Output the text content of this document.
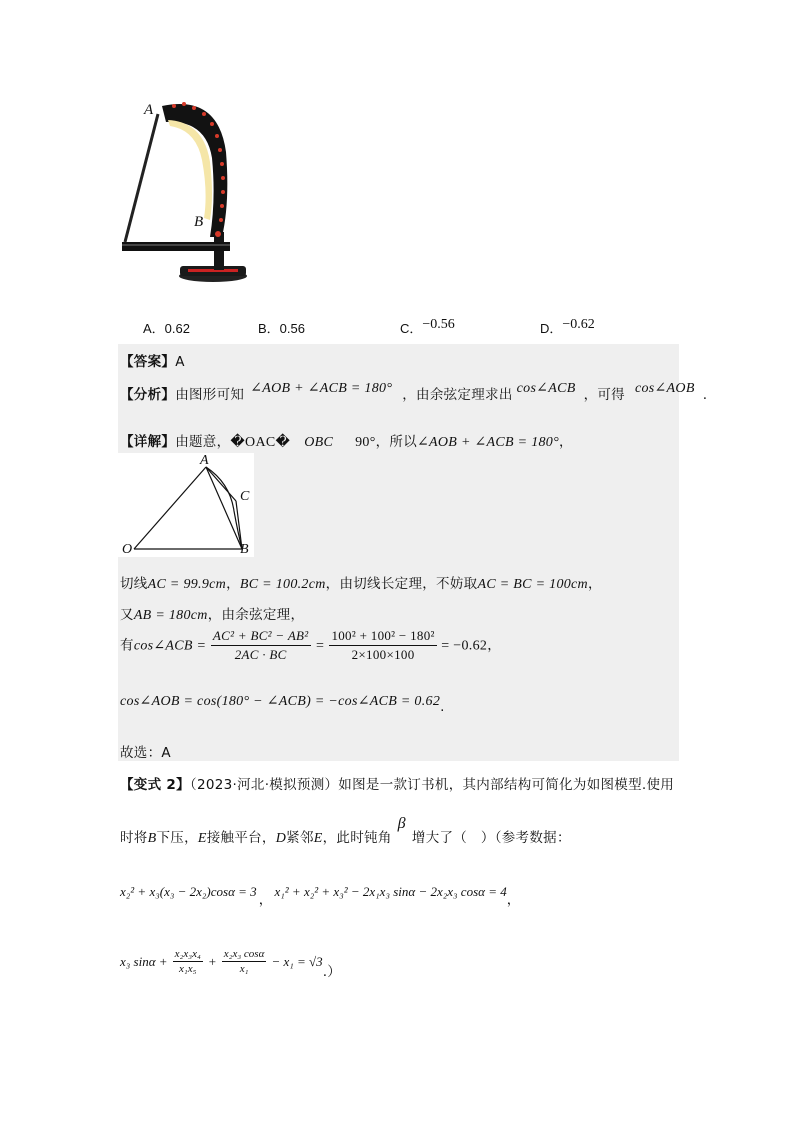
A
B
A．0.62	B．0.56	C．−0.56	D．−0.62
【答案】A
【分析】由图形可知 ∠AOB + ∠ACB = 180° ，由余弦定理求出 cos∠ACB ，可得 cos∠AOB .
【详解】由题意，�OAC� OBC 90°，所以∠AOB + ∠ACB = 180°，
A
C
O	B
切线AC = 99.9cm，BC = 100.2cm，由切线长定理，不妨取AC = BC = 100cm，
又AB = 180cm，由余弦定理，
有cos∠ACB = $\frac{\text{AC² + BC² − AB²}}{2AC \cdot BC} = \frac{\text{100² + 100² − 180²}}{2\times 100\times 100} = -0.62$，
cos∠AOB = cos(180° − ∠ACB) = −cos∠ACB = 0.62.
故选：A
【变式 2】（2023·河北·模拟预测）如图是一款订书机，其内部结构可简化为如图模型.使用
时将B下压，E接触平台，D紧邻E，此时钝角β增大了（　）（参考数据：
$x_2^2 + x_3(x_3 - 2x_2)\cos\alpha = 3_,x_1^2 + x_2^2 + x_3^2 - 2x_1x_3$ sinα − 2x₂x₃ $\cos\alpha = 4_,$
x₃ $\sin\alpha + \frac{\text{x₂x₃x₄}}{\text{x₁x₅}} + \frac{\text{x₂x₃ cosα}}{\text{x₁}} - x_1 = √3_{.)}$
